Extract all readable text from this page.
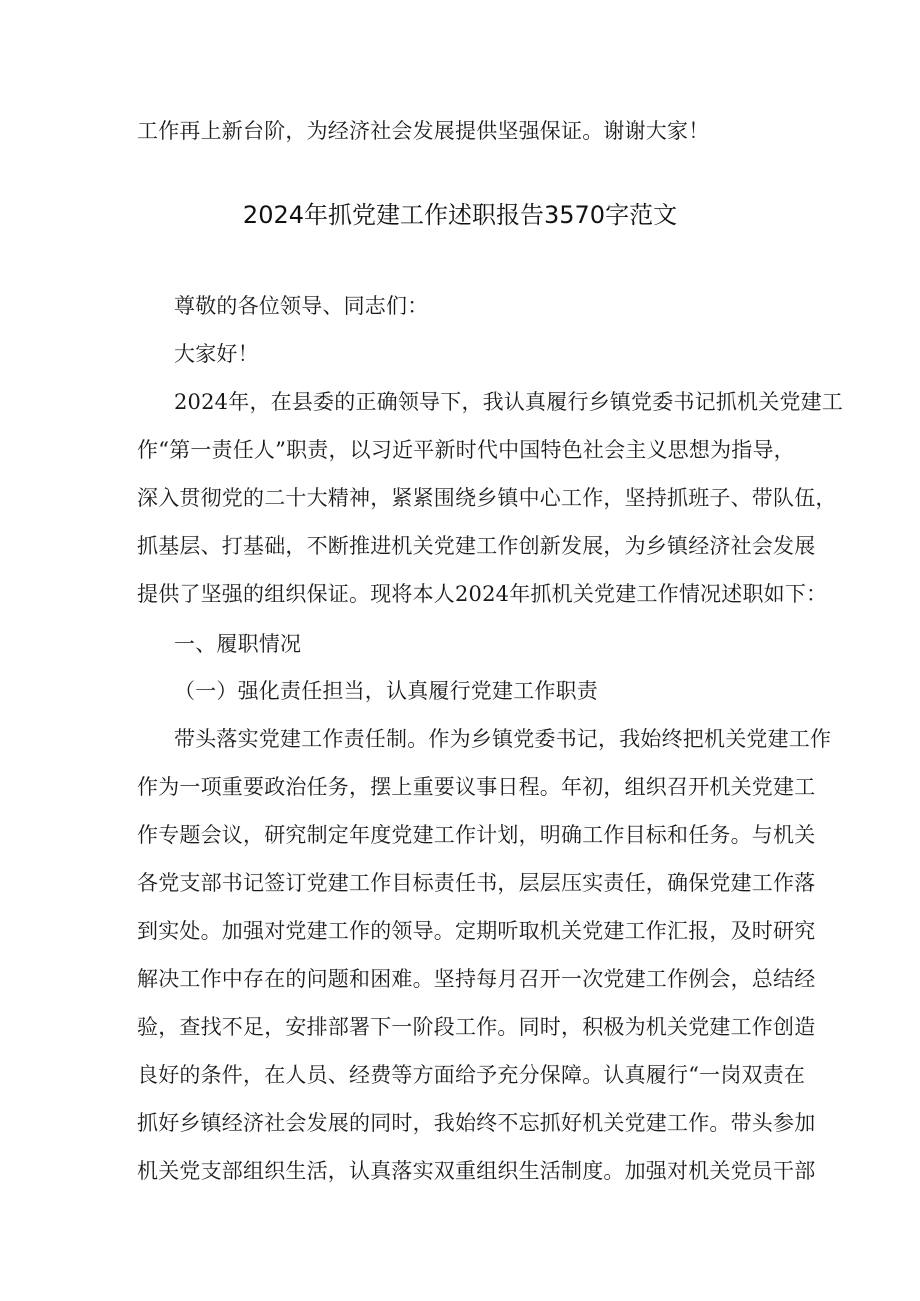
工作再上新台阶，为经济社会发展提供坚强保证。谢谢大家！
2024年抓党建工作述职报告3570字范文
尊敬的各位领导、同志们：
大家好！
2024年，在县委的正确领导下，我认真履行乡镇党委书记抓机关党建工
作“第一责任人”职责，以习近平新时代中国特色社会主义思想为指导，
深入贯彻党的二十大精神，紧紧围绕乡镇中心工作，坚持抓班子、带队伍，
抓基层、打基础，不断推进机关党建工作创新发展，为乡镇经济社会发展
提供了坚强的组织保证。现将本人2024年抓机关党建工作情况述职如下：
一、履职情况
（一）强化责任担当，认真履行党建工作职责
带头落实党建工作责任制。作为乡镇党委书记，我始终把机关党建工作
作为一项重要政治任务，摆上重要议事日程。年初，组织召开机关党建工
作专题会议，研究制定年度党建工作计划，明确工作目标和任务。与机关
各党支部书记签订党建工作目标责任书，层层压实责任，确保党建工作落
到实处。加强对党建工作的领导。定期听取机关党建工作汇报，及时研究
解决工作中存在的问题和困难。坚持每月召开一次党建工作例会，总结经
验，查找不足，安排部署下一阶段工作。同时，积极为机关党建工作创造
良好的条件，在人员、经费等方面给予充分保障。认真履行“一岗双责在
抓好乡镇经济社会发展的同时，我始终不忘抓好机关党建工作。带头参加
机关党支部组织生活，认真落实双重组织生活制度。加强对机关党员干部
